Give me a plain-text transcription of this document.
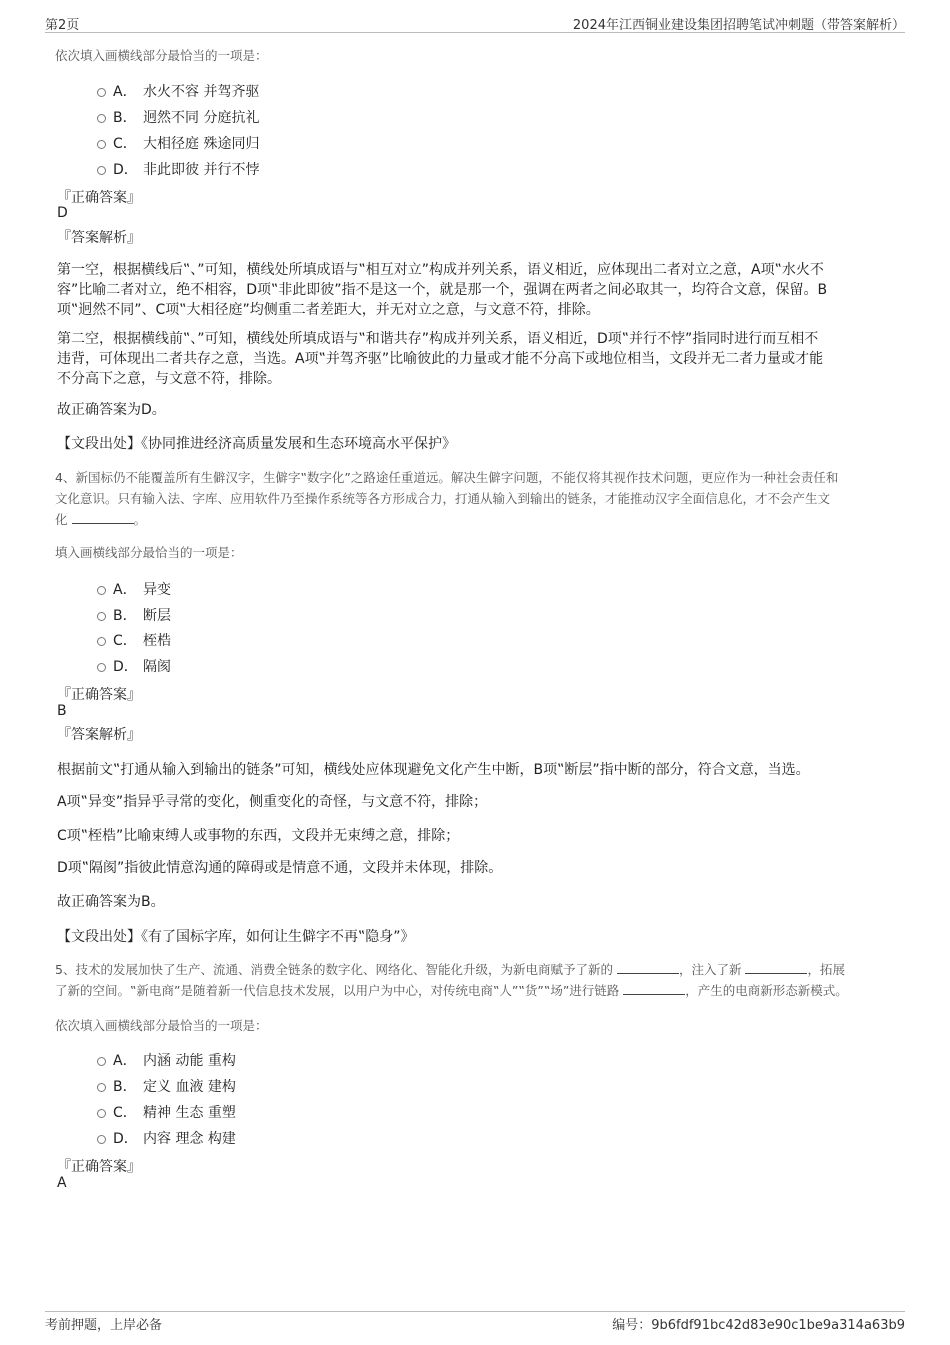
第2页	2024年江西铜业建设集团招聘笔试冲刺题（带答案解析）
依次填入画横线部分最恰当的一项是：
A． 水火不容 并驾齐驱
B． 迥然不同 分庭抗礼
C． 大相径庭 殊途同归
D． 非此即彼 并行不悖
『正确答案』
D
『答案解析』
第一空，根据横线后‟、”可知，横线处所填成语与‟相互对立”构成并列关系，语义相近，应体现出二者对立之意，A项‟水火不
容”比喻二者对立，绝不相容，D项‟非此即彼”指不是这一个，就是那一个，强调在两者之间必取其一，均符合文意，保留。B
项‟迥然不同”、C项‟大相径庭”均侧重二者差距大，并无对立之意，与文意不符，排除。
第二空，根据横线前‟、”可知，横线处所填成语与‟和谐共存”构成并列关系，语义相近，D项‟并行不悖”指同时进行而互相不
违背，可体现出二者共存之意，当选。A项‟并驾齐驱”比喻彼此的力量或才能不分高下或地位相当，文段并无二者力量或才能
不分高下之意，与文意不符，排除。
故正确答案为D。
【文段出处】《协同推进经济高质量发展和生态环境高水平保护》
4、新国标仍不能覆盖所有生僻汉字，生僻字‟数字化”之路途任重道远。解决生僻字问题，不能仅将其视作技术问题，更应作为一种社会责任和
文化意识。只有输入法、字库、应用软件乃至操作系统等各方形成合力，打通从输入到输出的链条，才能推动汉字全面信息化，才不会产生文
化	。
填入画横线部分最恰当的一项是：
A． 异变
B． 断层
C． 桎梏
D． 隔阂
『正确答案』
B
『答案解析』
根据前文‟打通从输入到输出的链条”可知，横线处应体现避免文化产生中断，B项‟断层”指中断的部分，符合文意，当选。
A项‟异变”指异乎寻常的变化，侧重变化的奇怪，与文意不符，排除；
C项‟桎梏”比喻束缚人或事物的东西，文段并无束缚之意，排除；
D项‟隔阂”指彼此情意沟通的障碍或是情意不通，文段并未体现，排除。
故正确答案为B。
【文段出处】《有了国标字库，如何让生僻字不再‟隐身”》
5、技术的发展加快了生产、流通、消费全链条的数字化、网络化、智能化升级，为新电商赋予了新的	，注入了新	，拓展
了新的空间。‟新电商”是随着新一代信息技术发展，以用户为中心，对传统电商‟人”‟货”‟场”进行链路	，产生的电商新形态新模式。
依次填入画横线部分最恰当的一项是：
A． 内涵 动能 重构
B． 定义 血液 建构
C． 精神 生态 重塑
D． 内容 理念 构建
『正确答案』
A
考前押题，上岸必备	编号：9b6fdf91bc42d83e90c1be9a314a63b9
